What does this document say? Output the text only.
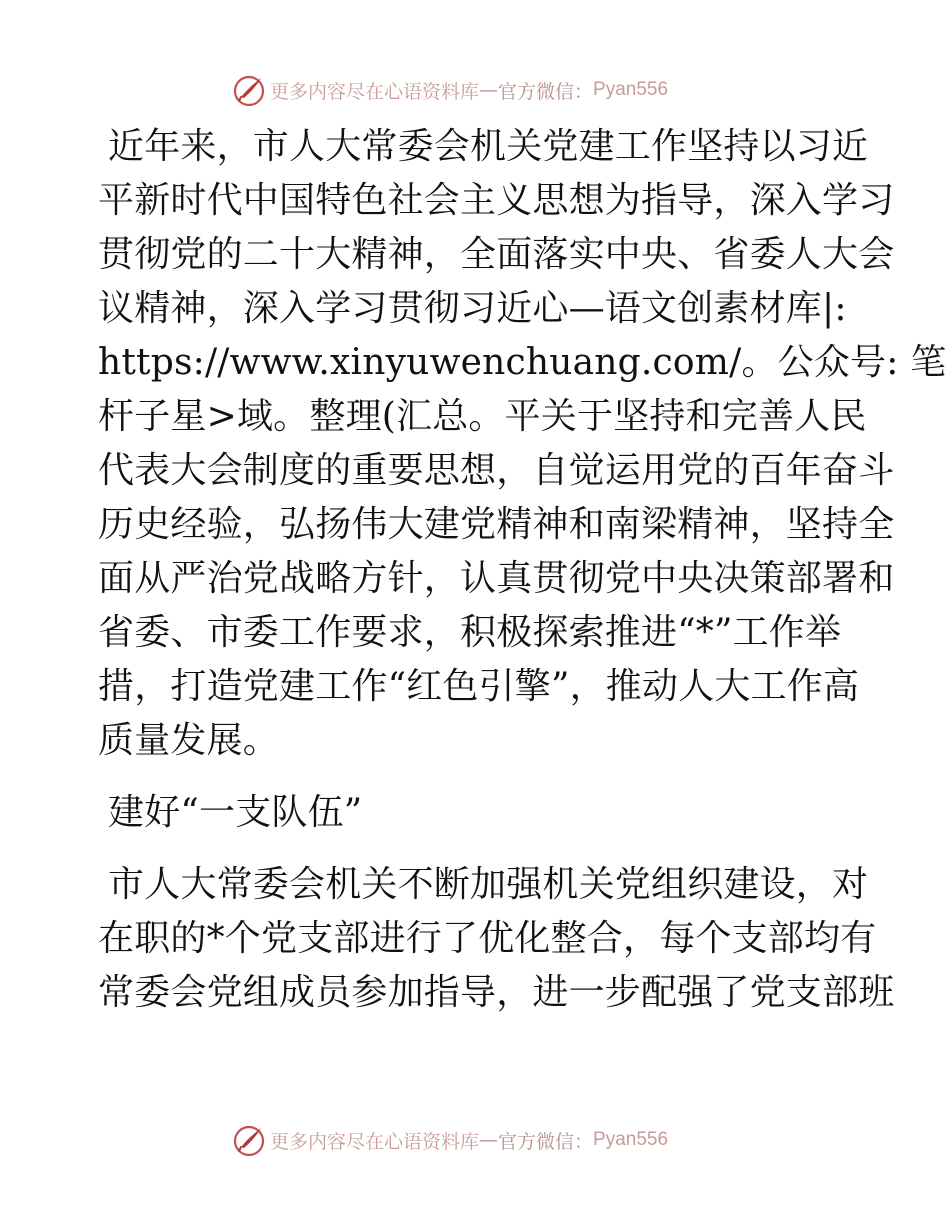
更多内容尽在心语资料库 — 官方微信： Pyan556

近年来，市人大常委会机关党建工作坚持以习近
平新时代中国特色社会主义思想为指导，深入学习
贯彻党的二十大精神，全面落实中央、省委人大会
议精神，深入学习贯彻习近心—语文创素材库|:
https://www.xinyuwenchuang.com/。公众号: 笔
杆子星>域。整理(汇总。平关于坚持和完善人民
代表大会制度的重要思想，自觉运用党的百年奋斗
历史经验，弘扬伟大建党精神和南梁精神，坚持全
面从严治党战略方针，认真贯彻党中央决策部署和
省委、市委工作要求，积极探索推进“*”工作举
措，打造党建工作“红色引擎”，推动人大工作高
质量发展。

建好“一支队伍”

市人大常委会机关不断加强机关党组织建设，对
在职的*个党支部进行了优化整合，每个支部均有
常委会党组成员参加指导，进一步配强了党支部班

更多内容尽在心语资料库 — 官方微信： Pyan556
